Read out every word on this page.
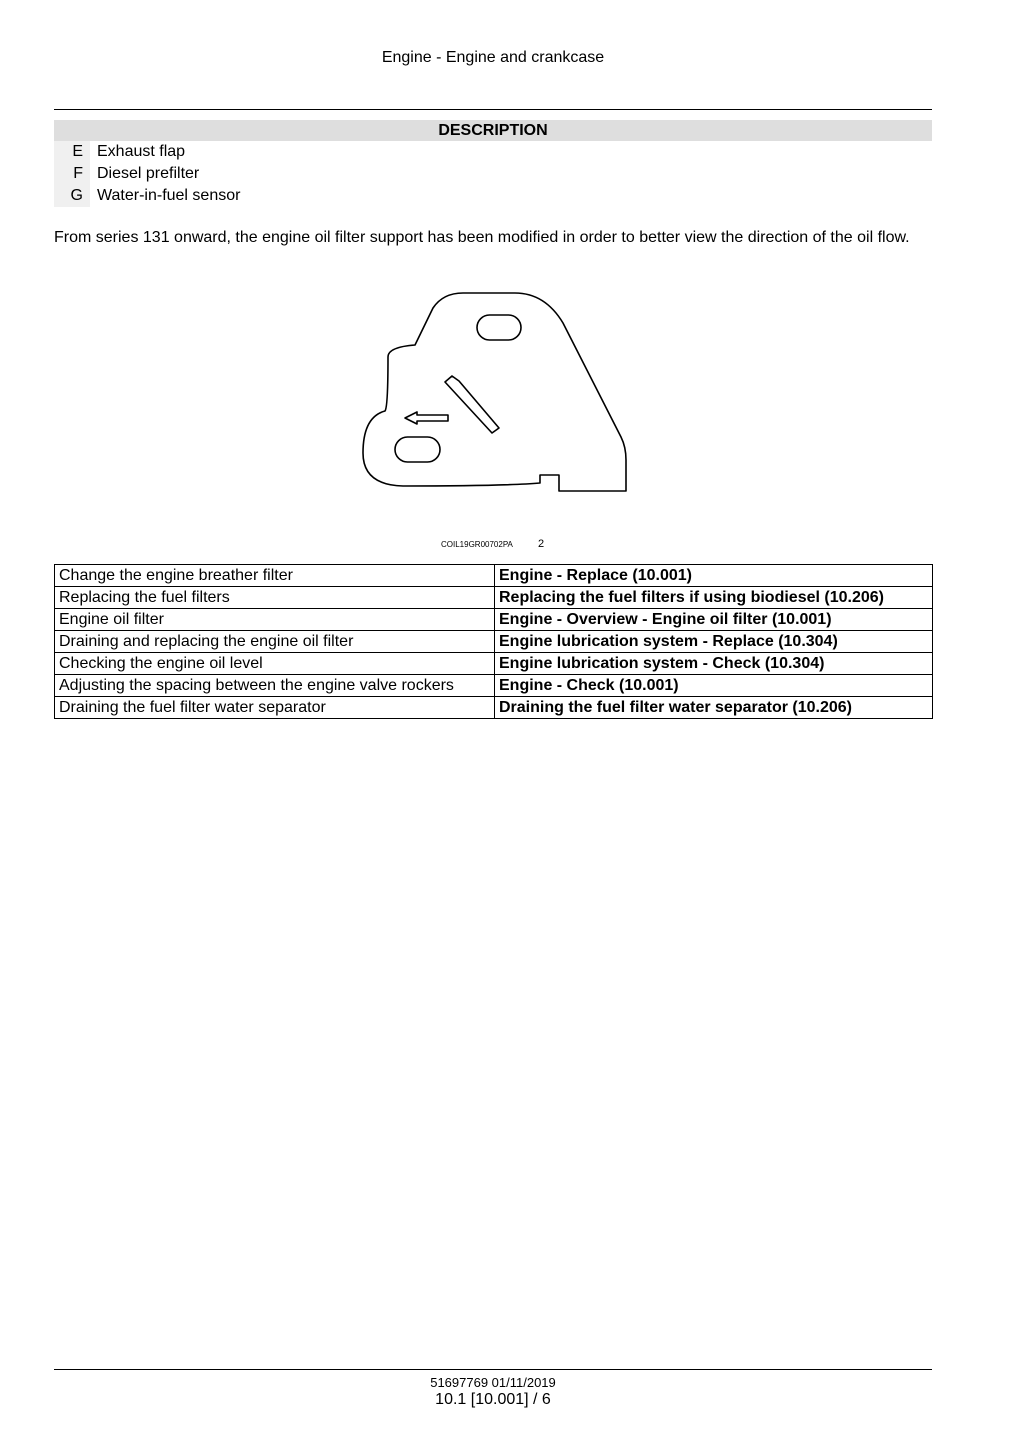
Engine - Engine and crankcase
DESCRIPTION
E Exhaust flap
F Diesel prefilter
G Water-in-fuel sensor
From series 131 onward, the engine oil filter support has been modified in order to better view the direction of the oil flow.
COIL19GR00702PA 2
Change the engine breather filter	Engine - Replace (10.001)
Replacing the fuel filters	Replacing the fuel filters if using biodiesel (10.206)
Engine oil filter	Engine - Overview - Engine oil filter (10.001)
Draining and replacing the engine oil filter	Engine lubrication system - Replace (10.304)
Checking the engine oil level	Engine lubrication system - Check (10.304)
Adjusting the spacing between the engine valve rockers	Engine - Check (10.001)
Draining the fuel filter water separator	Draining the fuel filter water separator (10.206)
51697769 01/11/2019
10.1 [10.001] / 6
